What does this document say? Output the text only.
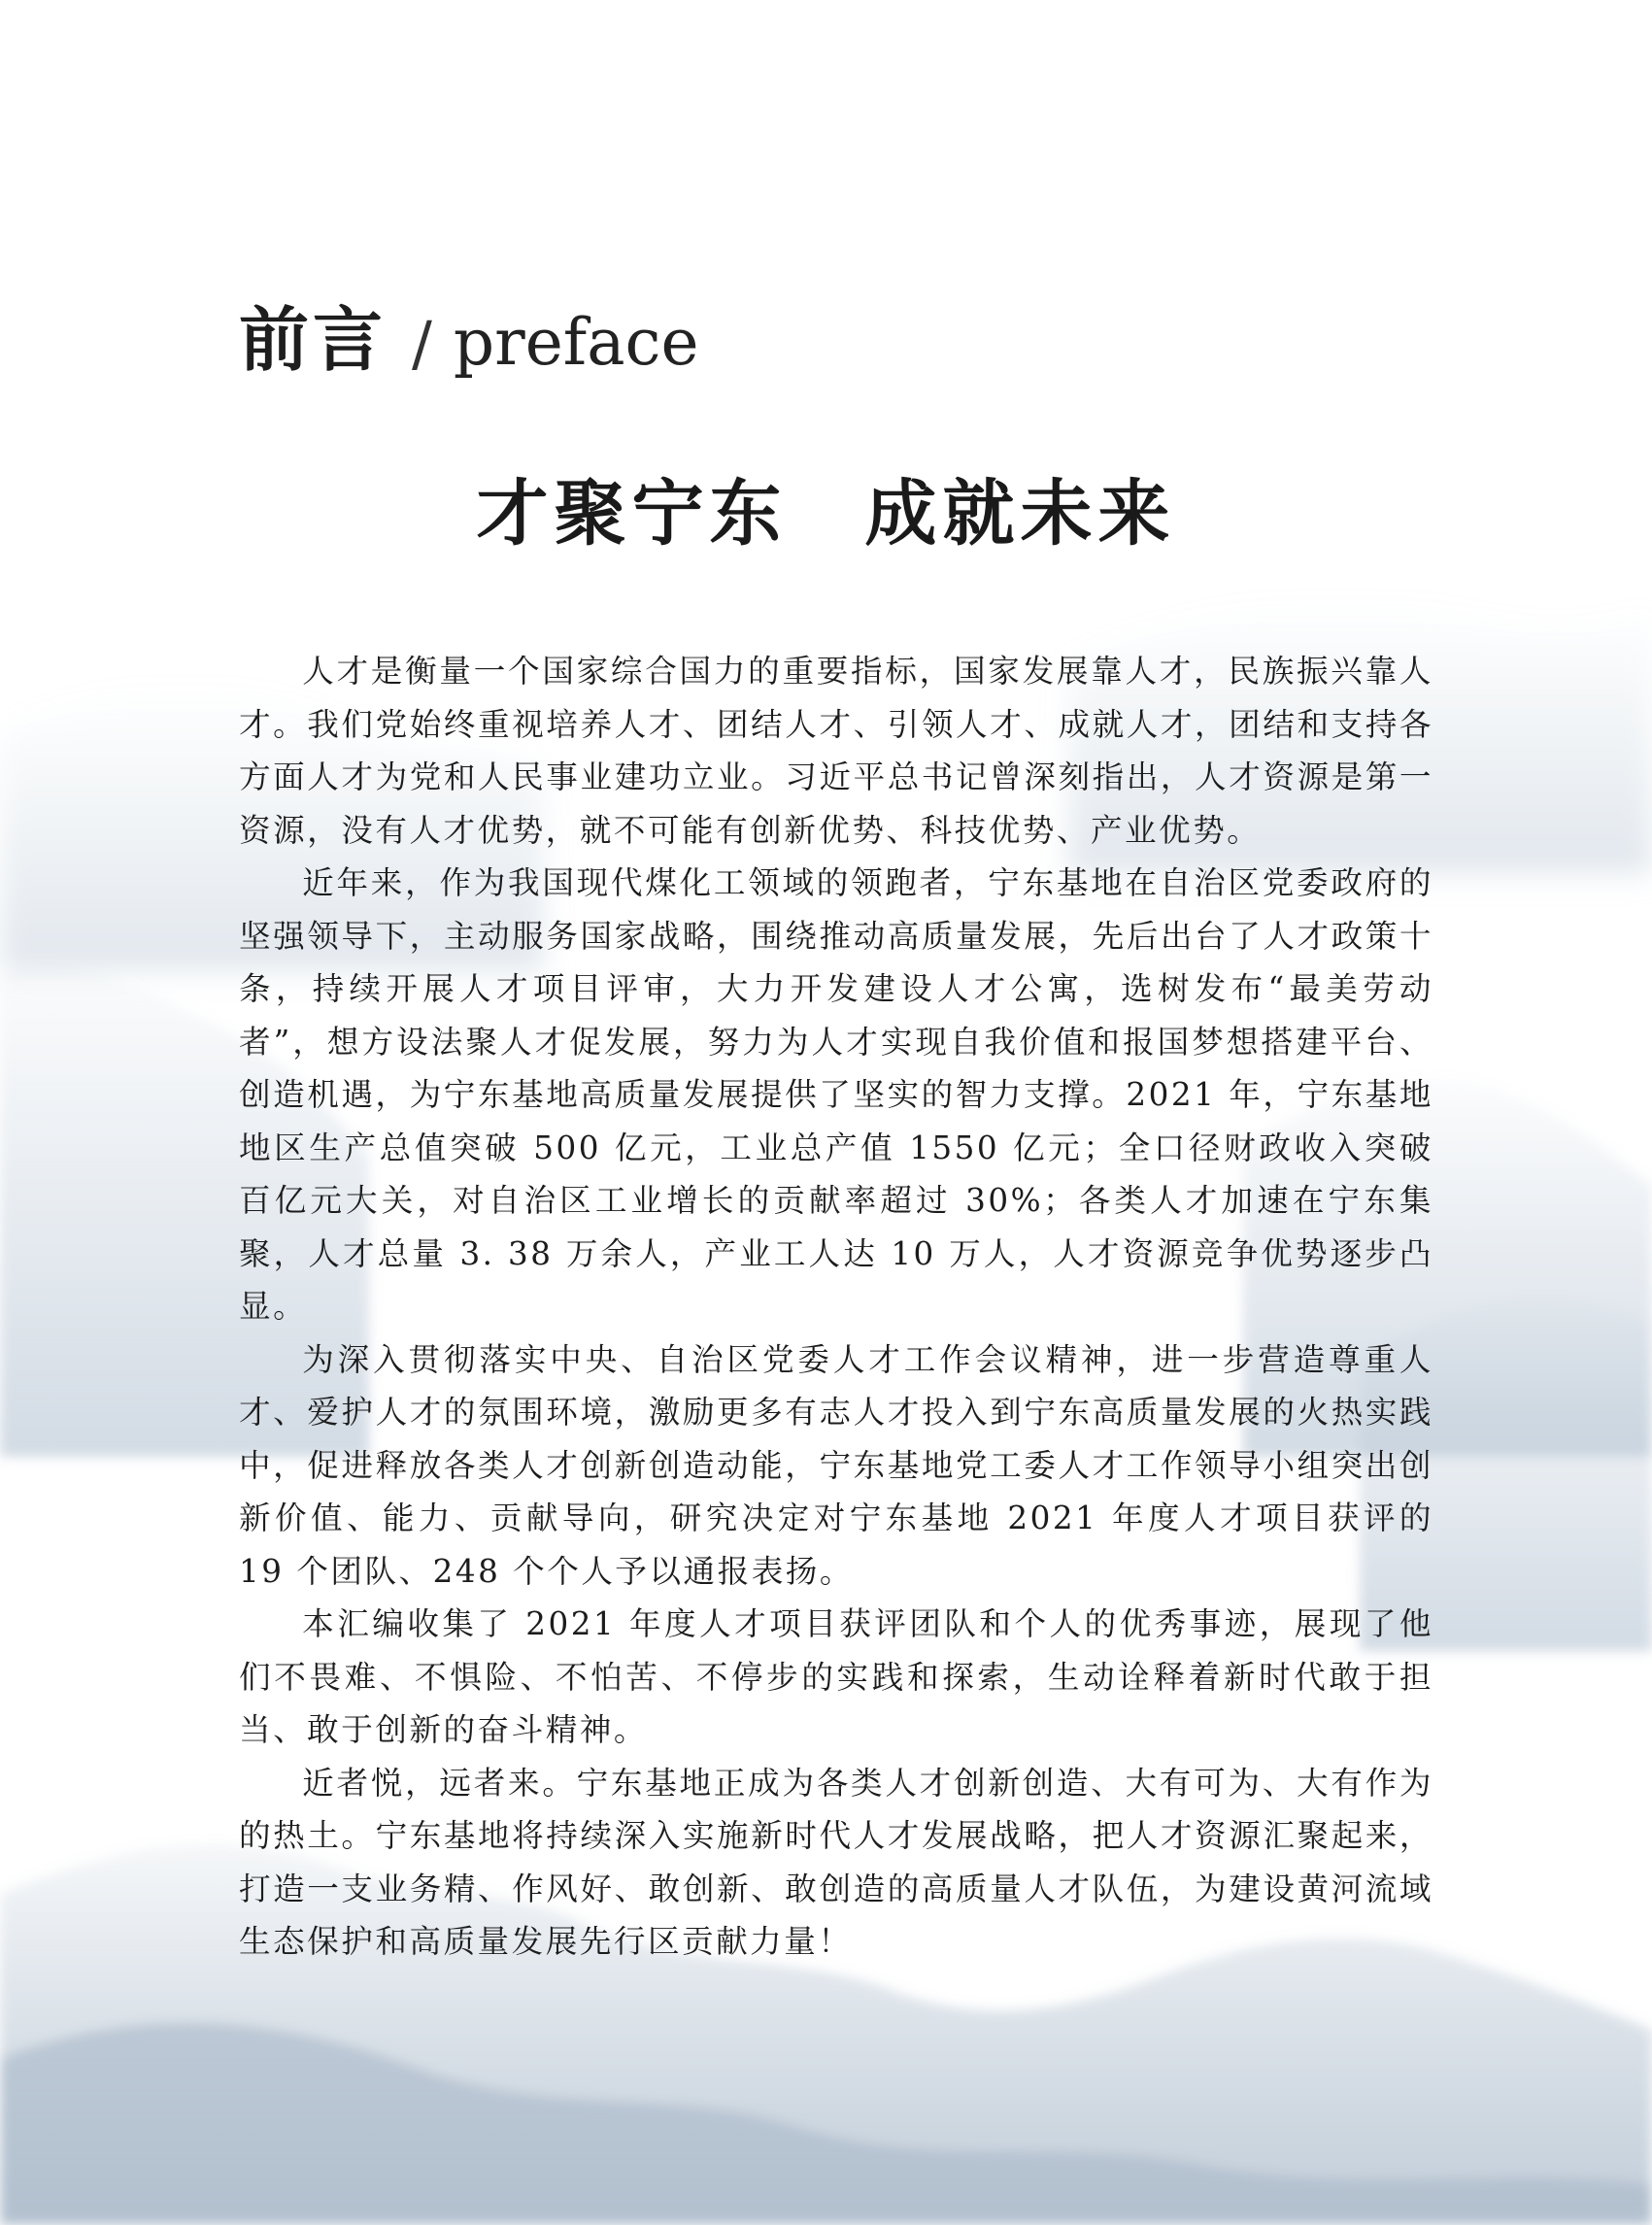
前言 / preface
才聚宁东　成就未来

人才是衡量一个国家综合国力的重要指标，国家发展靠人才，民族振兴靠人才。我们党始终重视培养人才、团结人才、引领人才、成就人才，团结和支持各方面人才为党和人民事业建功立业。习近平总书记曾深刻指出，人才资源是第一资源，没有人才优势，就不可能有创新优势、科技优势、产业优势。

近年来，作为我国现代煤化工领域的领跑者，宁东基地在自治区党委政府的坚强领导下，主动服务国家战略，围绕推动高质量发展，先后出台了人才政策十条，持续开展人才项目评审，大力开发建设人才公寓，选树发布“最美劳动者”，想方设法聚人才促发展，努力为人才实现自我价值和报国梦想搭建平台、创造机遇，为宁东基地高质量发展提供了坚实的智力支撑。2021 年，宁东基地地区生产总值突破 500 亿元，工业总产值 1550 亿元；全口径财政收入突破百亿元大关，对自治区工业增长的贡献率超过 30%；各类人才加速在宁东集聚，人才总量 3. 38 万余人，产业工人达 10 万人，人才资源竞争优势逐步凸显。

为深入贯彻落实中央、自治区党委人才工作会议精神，进一步营造尊重人才、爱护人才的氛围环境，激励更多有志人才投入到宁东高质量发展的火热实践中，促进释放各类人才创新创造动能，宁东基地党工委人才工作领导小组突出创新价值、能力、贡献导向，研究决定对宁东基地 2021 年度人才项目获评的 19 个团队、248 个个人予以通报表扬。

本汇编收集了 2021 年度人才项目获评团队和个人的优秀事迹，展现了他们不畏难、不惧险、不怕苦、不停步的实践和探索，生动诠释着新时代敢于担当、敢于创新的奋斗精神。

近者悦，远者来。宁东基地正成为各类人才创新创造、大有可为、大有作为的热土。宁东基地将持续深入实施新时代人才发展战略，把人才资源汇聚起来，打造一支业务精、作风好、敢创新、敢创造的高质量人才队伍，为建设黄河流域生态保护和高质量发展先行区贡献力量！
